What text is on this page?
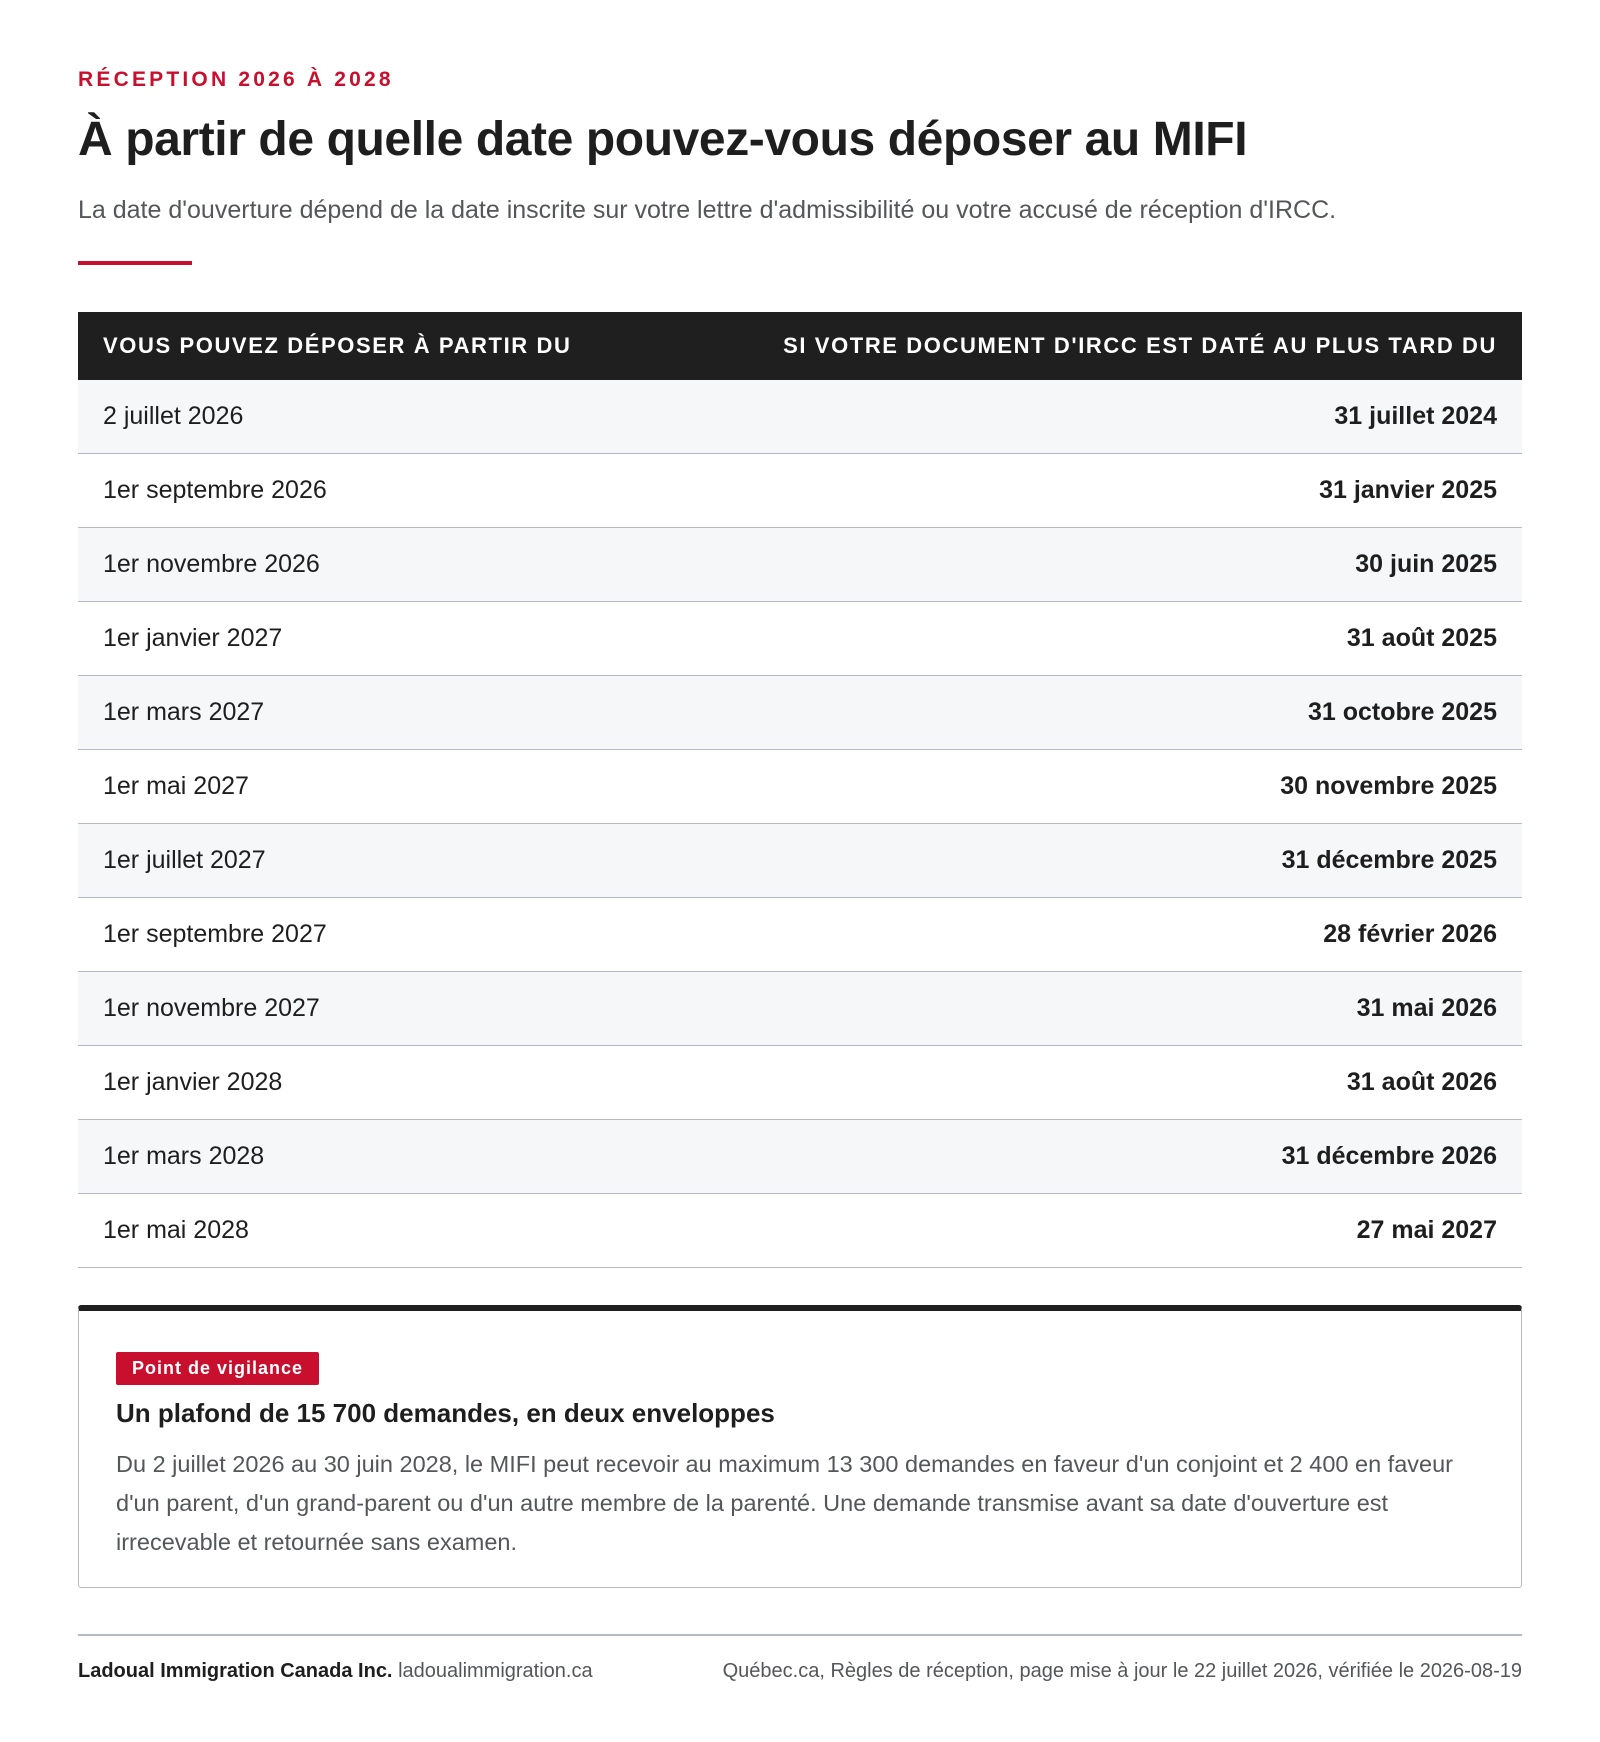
RÉCEPTION 2026 À 2028
À partir de quelle date pouvez-vous déposer au MIFI

La date d'ouverture dépend de la date inscrite sur votre lettre d'admissibilité ou votre accusé de réception d'IRCC.

VOUS POUVEZ DÉPOSER À PARTIR DU	SI VOTRE DOCUMENT D'IRCC EST DATÉ AU PLUS TARD DU
2 juillet 2026	31 juillet 2024
1er septembre 2026	31 janvier 2025
1er novembre 2026	30 juin 2025
1er janvier 2027	31 août 2025
1er mars 2027	31 octobre 2025
1er mai 2027	30 novembre 2025
1er juillet 2027	31 décembre 2025
1er septembre 2027	28 février 2026
1er novembre 2027	31 mai 2026
1er janvier 2028	31 août 2026
1er mars 2028	31 décembre 2026
1er mai 2028	27 mai 2027
Point de vigilance
Un plafond de 15 700 demandes, en deux enveloppes

Du 2 juillet 2026 au 30 juin 2028, le MIFI peut recevoir au maximum 13 300 demandes en faveur d'un conjoint et 2 400 en faveur d'un parent, d'un grand-parent ou d'un autre membre de la parenté. Une demande transmise avant sa date d'ouverture est irrecevable et retournée sans examen.

Ladoual Immigration Canada Inc. ladoualimmigration.ca	Québec.ca, Règles de réception, page mise à jour le 22 juillet 2026, vérifiée le 2026-08-19
